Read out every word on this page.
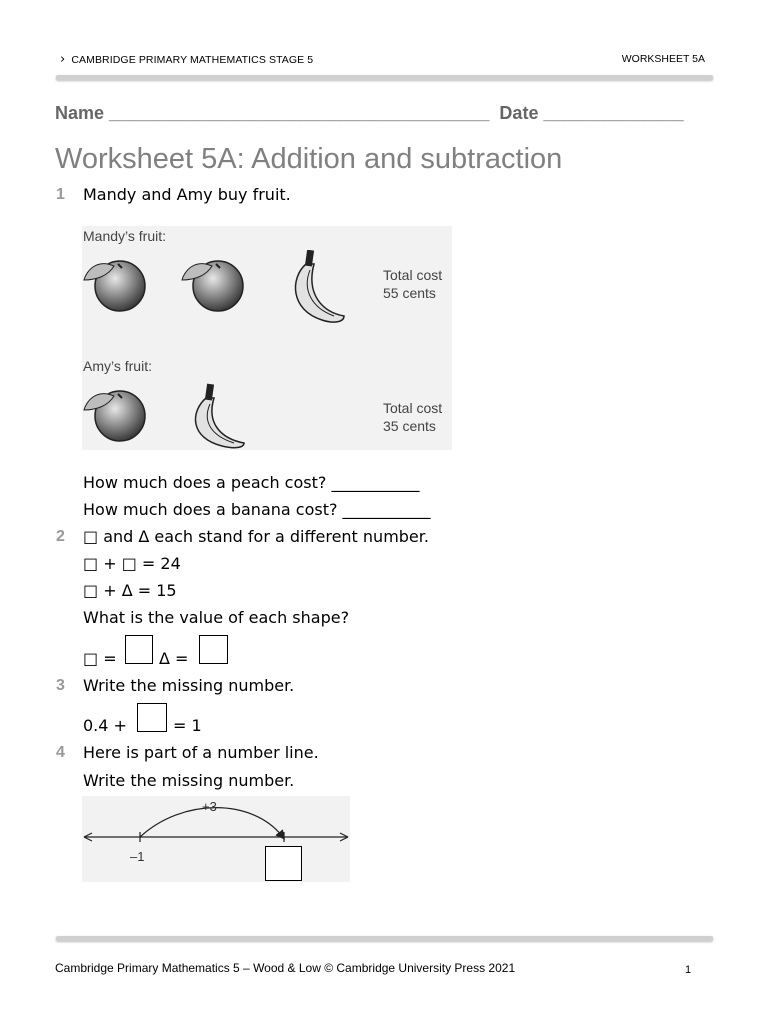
› CAMBRIDGE PRIMARY MATHEMATICS STAGE 5	WORKSHEET 5A
Name ______________________________________  Date ______________
Worksheet 5A: Addition and subtraction
1 Mandy and Amy buy fruit.
Mandy’s fruit:
Total cost
55 cents
Amy’s fruit:
Total cost
35 cents
How much does a peach cost? ___________
How much does a banana cost? ___________
2 □ and Δ each stand for a different number.
□ + □ = 24
□ + Δ = 15
What is the value of each shape?
□ =	Δ =
3 Write the missing number.
0.4 +	= 1
4 Here is part of a number line.
Write the missing number.
+3
–1
Cambridge Primary Mathematics 5 – Wood & Low © Cambridge University Press 2021	1
